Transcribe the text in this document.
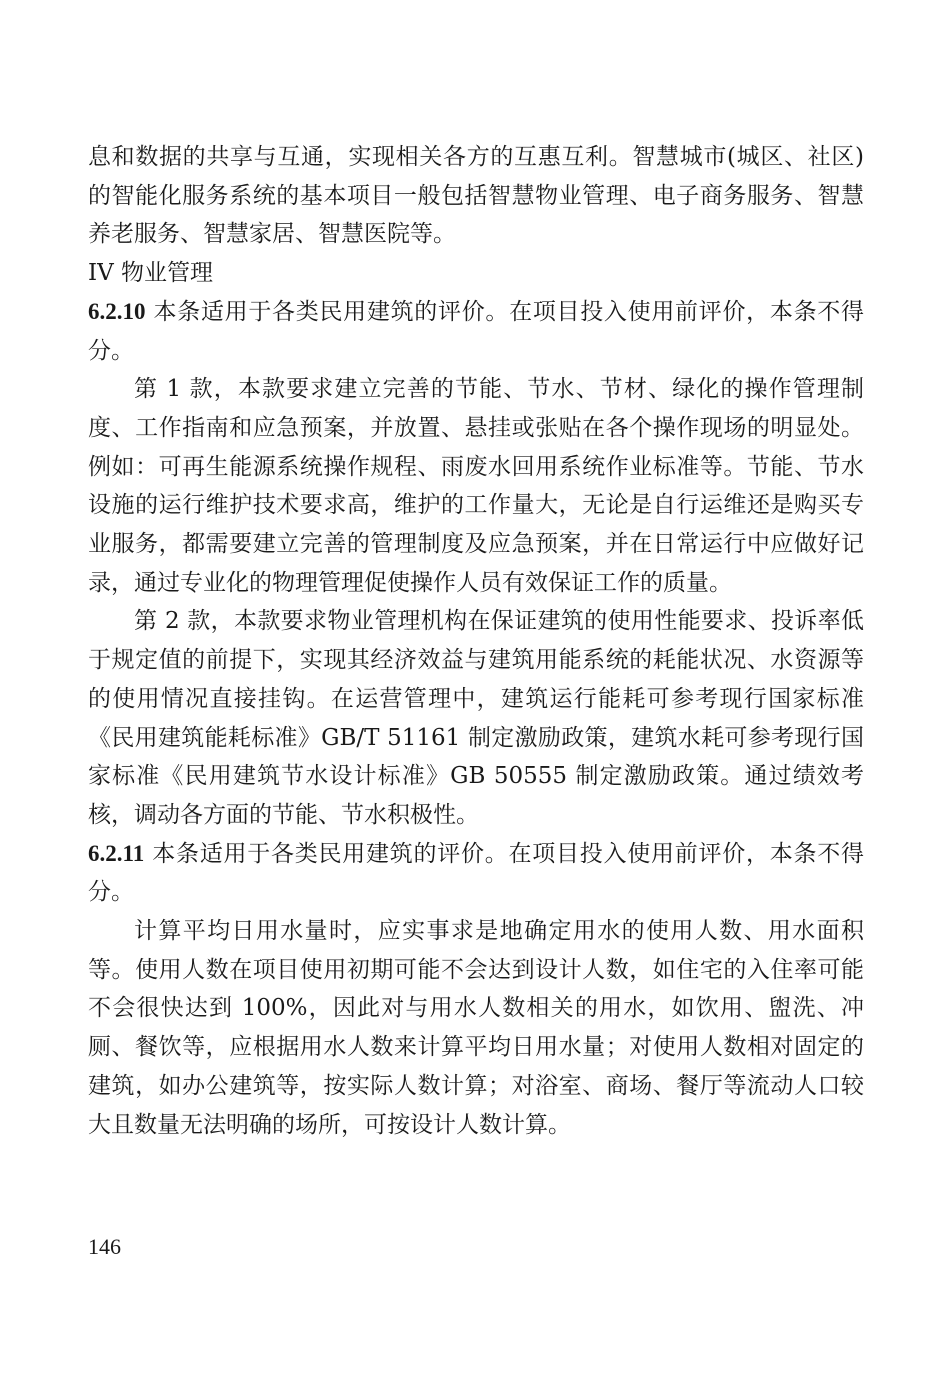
息和数据的共享与互通，实现相关各方的互惠互利。智慧城市(城区、社区)的智能化服务系统的基本项目一般包括智慧物业管理、电子商务服务、智慧养老服务、智慧家居、智慧医院等。

IV 物业管理

6.2.10 本条适用于各类民用建筑的评价。在项目投入使用前评价，本条不得分。

第 1 款，本款要求建立完善的节能、节水、节材、绿化的操作管理制度、工作指南和应急预案，并放置、悬挂或张贴在各个操作现场的明显处。例如：可再生能源系统操作规程、雨废水回用系统作业标准等。节能、节水设施的运行维护技术要求高，维护的工作量大，无论是自行运维还是购买专业服务，都需要建立完善的管理制度及应急预案，并在日常运行中应做好记录，通过专业化的物理管理促使操作人员有效保证工作的质量。

第 2 款，本款要求物业管理机构在保证建筑的使用性能要求、投诉率低于规定值的前提下，实现其经济效益与建筑用能系统的耗能状况、水资源等的使用情况直接挂钩。在运营管理中，建筑运行能耗可参考现行国家标准《民用建筑能耗标准》GB/T 51161 制定激励政策，建筑水耗可参考现行国家标准《民用建筑节水设计标准》GB 50555 制定激励政策。通过绩效考核，调动各方面的节能、节水积极性。

6.2.11 本条适用于各类民用建筑的评价。在项目投入使用前评价，本条不得分。

计算平均日用水量时，应实事求是地确定用水的使用人数、用水面积等。使用人数在项目使用初期可能不会达到设计人数，如住宅的入住率可能不会很快达到 100%，因此对与用水人数相关的用水，如饮用、盥洗、冲厕、餐饮等，应根据用水人数来计算平均日用水量；对使用人数相对固定的建筑，如办公建筑等，按实际人数计算；对浴室、商场、餐厅等流动人口较大且数量无法明确的场所，可按设计人数计算。

146
